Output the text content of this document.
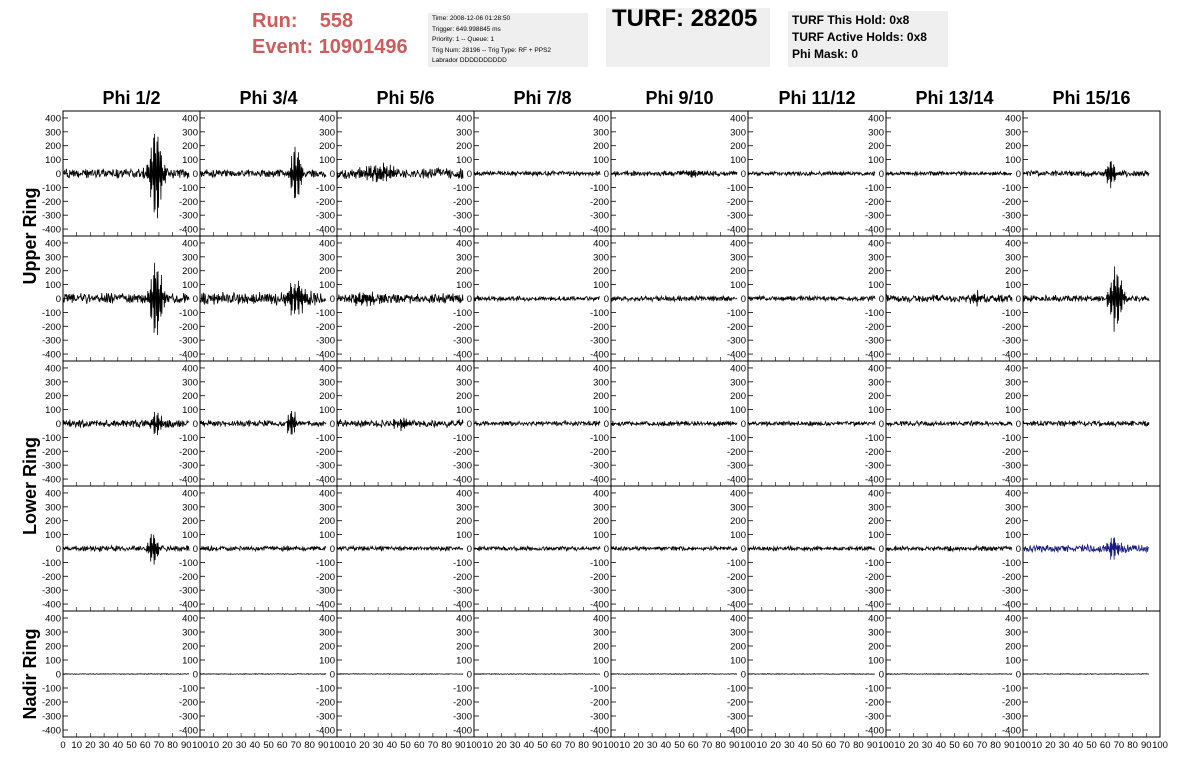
Run: 558
Event: 10901496
Time: 2008-12-06 01:28:50
Trigger: 649.998845 ms
Priority: 1 -- Queue: 1
Trig Num: 28196 -- Trig Type: RF + PPS2
Labrador DDDDDDDDDD
TURF: 28205	TURF This Hold: 0x8
TURF Active Holds: 0x8
Phi Mask: 0
Phi 1/2	Phi 3/4	Phi 5/6	Phi 7/8	Phi 9/10	Phi 11/12	Phi 13/14	Phi 15/16
Upper Ring
Lower Ring
Nadir Ring
400
300
200
100
0
-100
-200
-300
-400
400
300
200
100
0
-100
-200
-300
-400
400
300
200
100
0
-100
-200
-300
-400
400
300
200
100
0
-100
-200
-300
-400
400
300
200
100
0
-100
-200
-300
-400
400
300
200
100
0
-100
-200
-300
-400
400
300
200
100
0
-100
-200
-300
-400
400
300
200
100
0
-100
-200
-300
-400
400
300
200
100
0
-100
-200
-300
-400
400
300
200
100
0
-100
-200
-300
-400
400
300
200
100
0
-100
-200
-300
-400
400
300
200
100
0
-100
-200
-300
-400
400
300
200
100
0
-100
-200
-300
-400
400
300
200
100
0
-100
-200
-300
-400
400
300
200
100
0
-100
-200
-300
-400
400
300
200
100
0
-100
-200
-300
-400
400
300
200
100
0
-100
-200
-300
-400
400
300
200
100
0
-100
-200
-300
-400
400
300
200
100
0
-100
-200
-300
-400
400
300
200
100
0
-100
-200
-300
-400
400
300
200
100
0
-100
-200
-300
-400
400
300
200
100
0
-100
-200
-300
-400
400
300
200
100
0
-100
-200
-300
-400
400
300
200
100
0
-100
-200
-300
-400
400
300
200
100
0
-100
-200
-300
-400
400
300
200
100
0
-100
-200
-300
-400
400
300
200
100
0
-100
-200
-300
-400
400
300
200
100
0
-100
-200
-300
-400
400
300
200
100
0
-100
-200
-300
-400
400
300
200
100
0
-100
-200
-300
-400
400
300
200
100
0
-100
-200
-300
-400
400
300
200
100
0
-100
-200
-300
-400
400
300
200
100
0
-100
-200
-300
-400
400
300
200
100
0
-100
-200
-300
-400
400
300
200
100
0
-100
-200
-300
-400
400
300
200
100
0
-100
-200
-300
-400
400
300
200
100
0
-100
-200
-300
-400
400
300
200
100
0
-100
-200
-300
-400
400
300
200
100
0
-100
-200
-300
-400
400
300
200
100
0
-100
-200
-300
-400
0 10 20 30 40 50 60 70 80 90 100 10 20 30 40 50 60 70 80 90 100 10 20 30 40 50 60 70 80 90 100 10 20 30 40 50 60 70 80 90 100 10 20 30 40 50 60 70 80 90 100 10 20 30 40 50 60 70 80 90 100 10 20 30 40 50 60 70 80 90 100 10 20 30 40 50 60 70 80 90 100
